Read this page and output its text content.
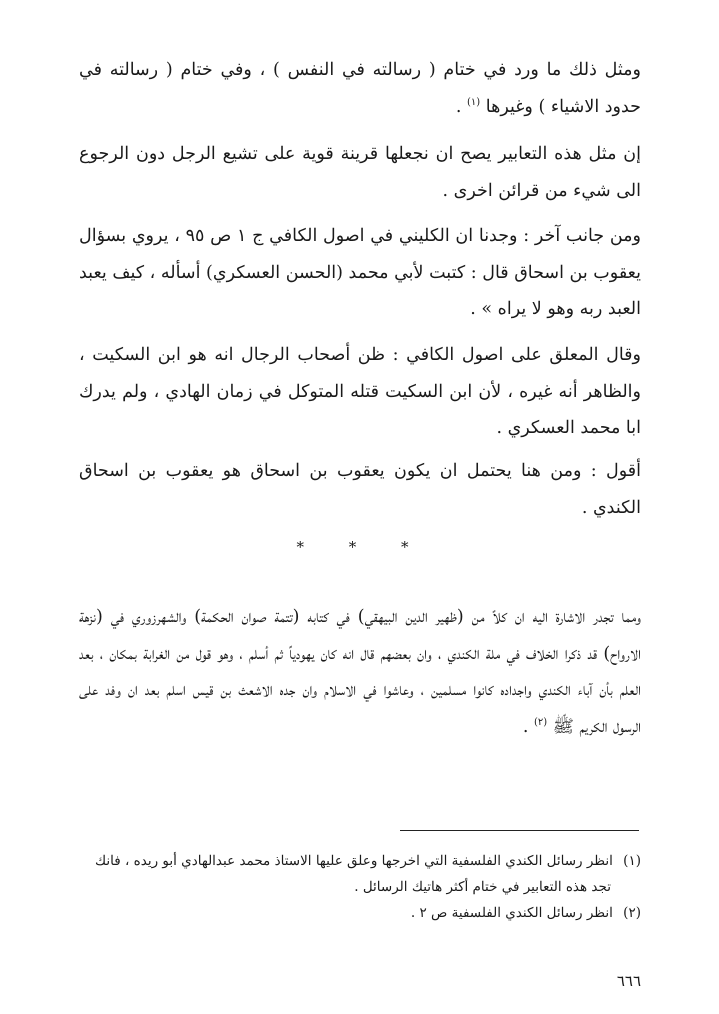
ومثل ذلك ما ورد في ختام ( رسالته في النفس ) ، وفي ختام ( رسالته في حدود الاشياء ) وغيرها $^{(١)}$ .

إن مثل هذه التعابير يصح ان نجعلها قرينة قوية على تشيع الرجل دون الرجوع الى شيء من قرائن اخرى .

ومن جانب آخر : وجدنا ان الكليني في اصول الكافي ج ١ ص ٩٥ ، يروي بسؤال يعقوب بن اسحاق قال : كتبت لأبي محمد (الحسن العسكري) أسأله ، كيف يعبد العبد ربه وهو لا يراه » .

وقال المعلق على اصول الكافي : ظن أصحاب الرجال انه هو ابن السكيت ، والظاهر أنه غيره ، لأن ابن السكيت قتله المتوكل في زمان الهادي ، ولم يدرك ابا محمد العسكري .

أقول : ومن هنا يحتمل ان يكون يعقوب بن اسحاق هو يعقوب بن اسحاق الكندي .

* * *

ومما تجدر الاشارة اليه ان كلاً من (ظهير الدين البيهقي) في كتابه (تتمة صوان الحكمة) والشهرزوري في (نزهة الارواح) قد ذكرا الخلاف في ملة الكندي ، وان بعضهم قال انه كان يهودياً ثم أسلم ، وهو قول من الغرابة بمكان ، بعد العلم بأن آباء الكندي واجداده كانوا مسلمين ، وعاشوا في الاسلام وان جده الاشعث بن قيس اسلم بعد ان وفد على الرسول الكريم ﷺ $^{(٢)}$ .

(١) انظر رسائل الكندي الفلسفية التي اخرجها وعلق عليها الاستاذ محمد عبدالهادي أبو ريده ، فانك
تجد هذه التعابير في ختام أكثر هاتيك الرسائل .

(٢) انظر رسائل الكندي الفلسفية ص ٢ .

٦٦٦
